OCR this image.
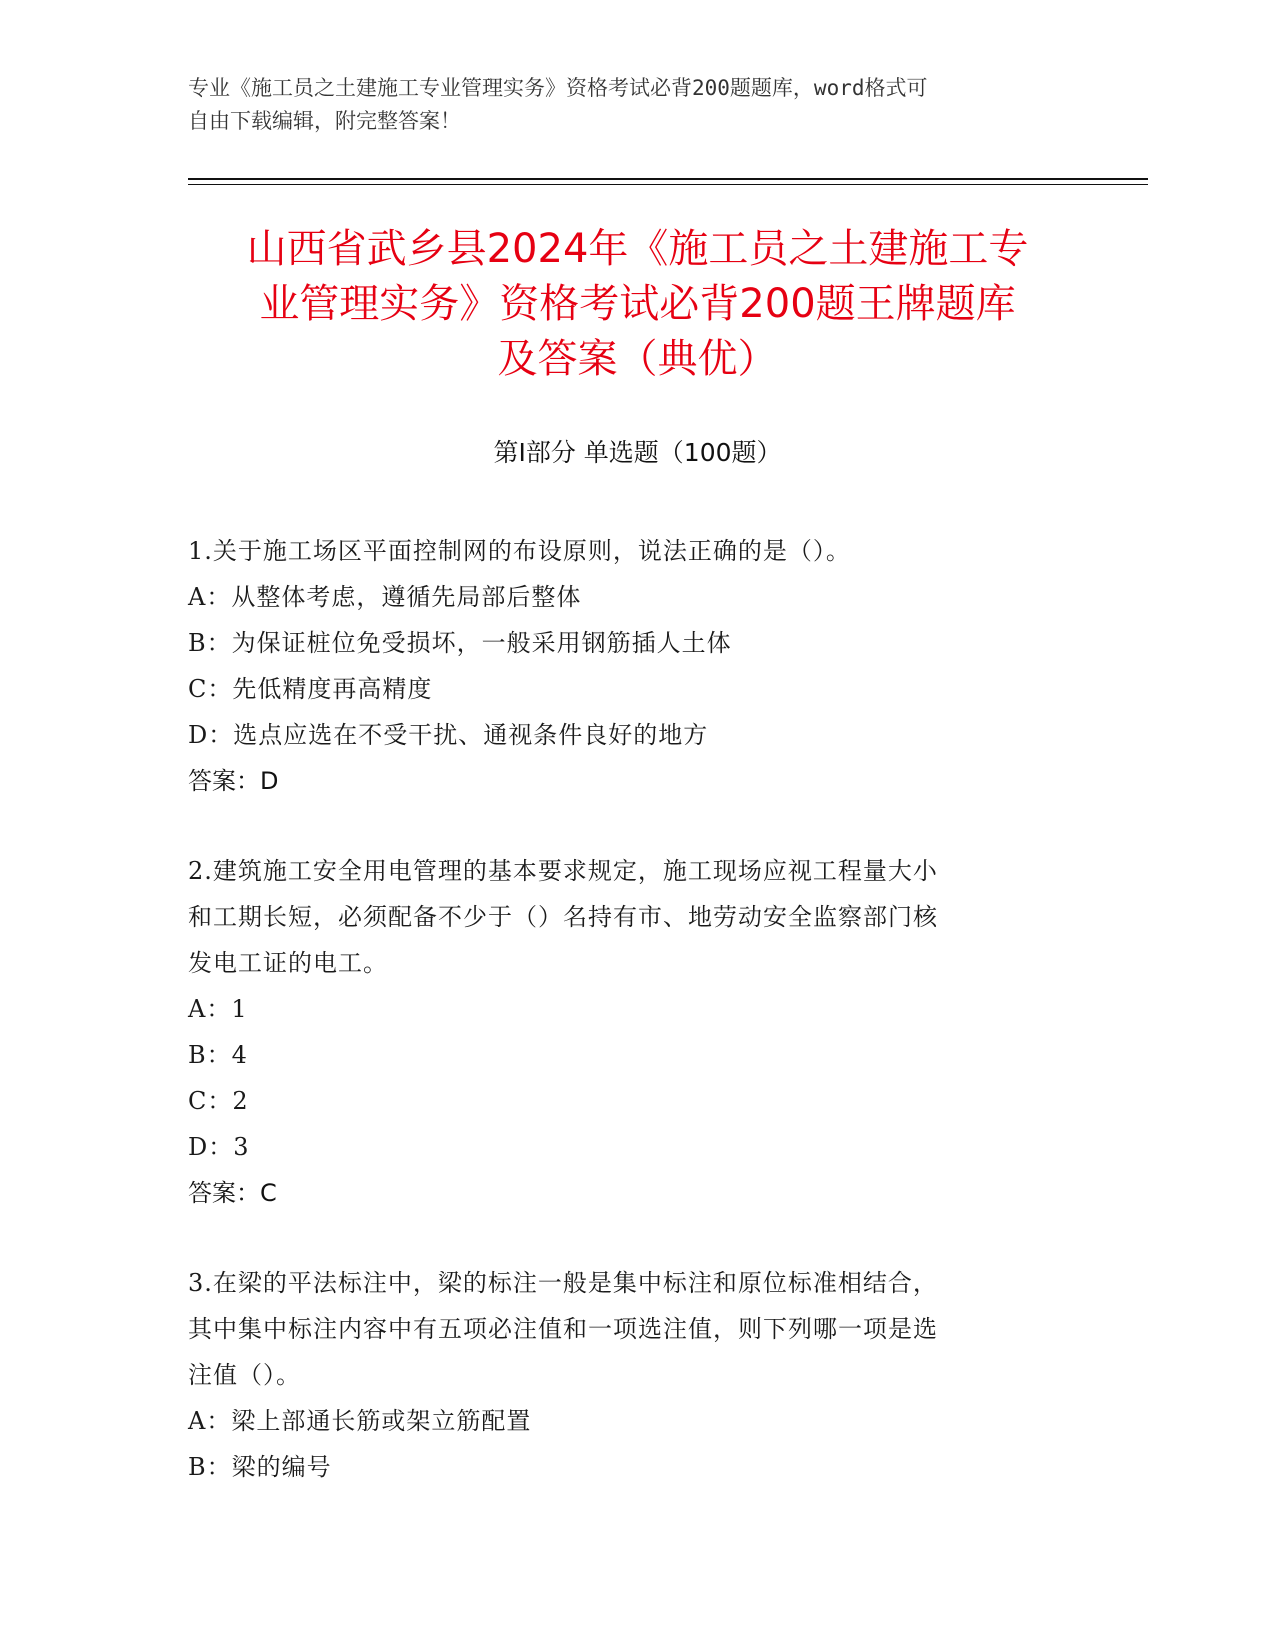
专业《施工员之土建施工专业管理实务》资格考试必背200题题库，word格式可
自由下载编辑，附完整答案！
山西省武乡县2024年《施工员之土建施工专
业管理实务》资格考试必背200题王牌题库
及答案（典优）
第Ⅰ部分 单选题（100题）
1.关于施工场区平面控制网的布设原则，说法正确的是（）。
A：从整体考虑，遵循先局部后整体
B：为保证桩位免受损坏，一般采用钢筋插人土体
C：先低精度再高精度
D：选点应选在不受干扰、通视条件良好的地方
答案：D
2.建筑施工安全用电管理的基本要求规定，施工现场应视工程量大小
和工期长短，必须配备不少于（）名持有市、地劳动安全监察部门核
发电工证的电工。
A：1
B：4
C：2
D：3
答案：C
3.在梁的平法标注中，梁的标注一般是集中标注和原位标准相结合，
其中集中标注内容中有五项必注值和一项选注值，则下列哪一项是选
注值（）。
A：梁上部通长筋或架立筋配置
B：梁的编号
